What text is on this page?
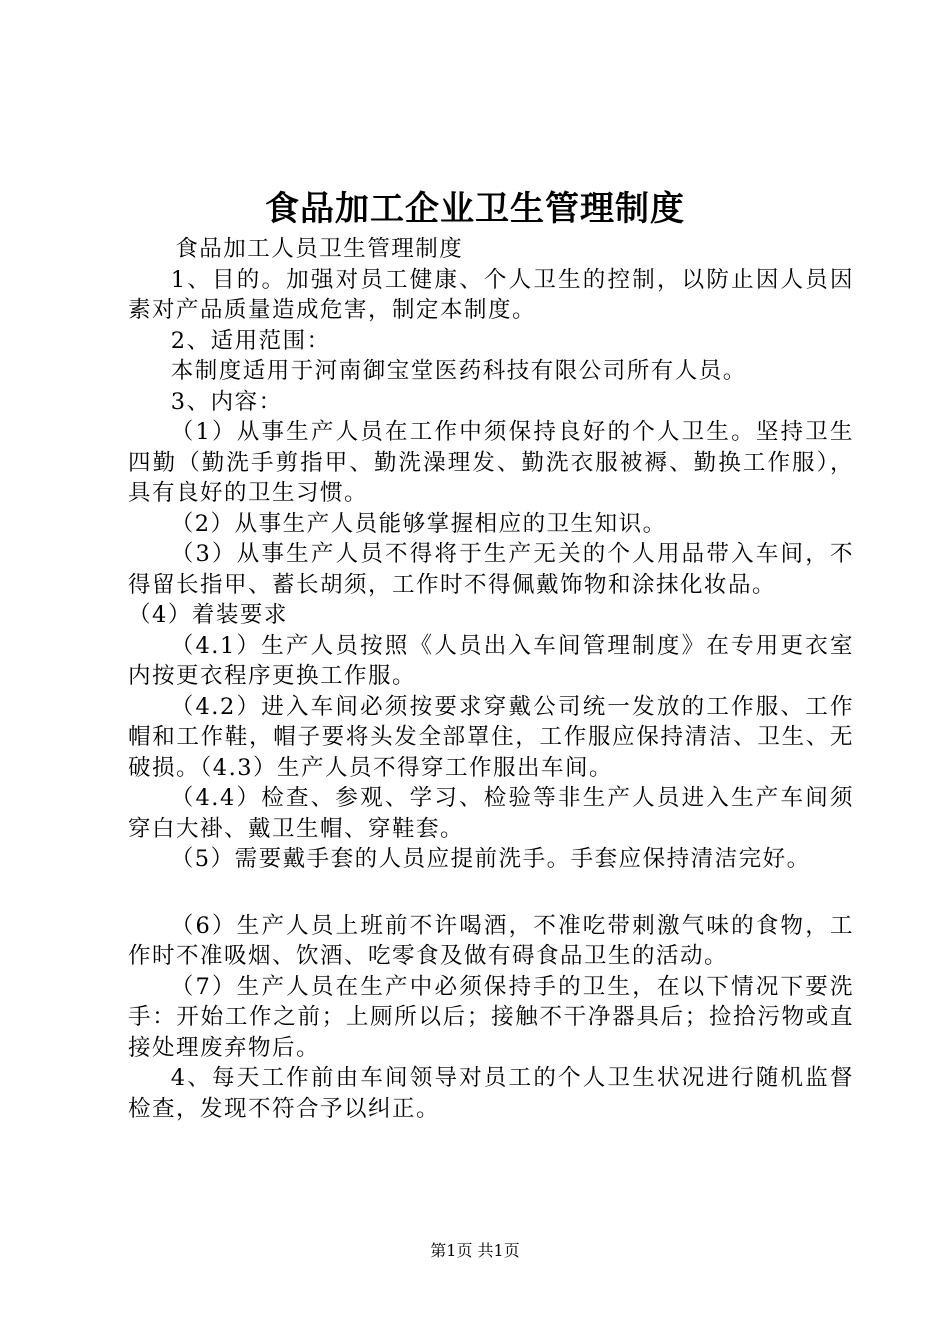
食品加工企业卫生管理制度

食品加工人员卫生管理制度

1、目的。加强对员工健康、个人卫生的控制，以防止因人员因素对产品质量造成危害，制定本制度。

2、适用范围：

本制度适用于河南御宝堂医药科技有限公司所有人员。

3、内容：

（1）从事生产人员在工作中须保持良好的个人卫生。坚持卫生四勤（勤洗手剪指甲、勤洗澡理发、勤洗衣服被褥、勤换工作服），具有良好的卫生习惯。

（2）从事生产人员能够掌握相应的卫生知识。

（3）从事生产人员不得将于生产无关的个人用品带入车间，不得留长指甲、蓄长胡须，工作时不得佩戴饰物和涂抹化妆品。

（4）着装要求

（4.1）生产人员按照《人员出入车间管理制度》在专用更衣室内按更衣程序更换工作服。

（4.2）进入车间必须按要求穿戴公司统一发放的工作服、工作帽和工作鞋，帽子要将头发全部罩住，工作服应保持清洁、卫生、无破损。（4.3）生产人员不得穿工作服出车间。

（4.4）检查、参观、学习、检验等非生产人员进入生产车间须穿白大褂、戴卫生帽、穿鞋套。

（5）需要戴手套的人员应提前洗手。手套应保持清洁完好。

（6）生产人员上班前不许喝酒，不准吃带刺激气味的食物，工作时不准吸烟、饮酒、吃零食及做有碍食品卫生的活动。

（7）生产人员在生产中必须保持手的卫生，在以下情况下要洗手：开始工作之前；上厕所以后；接触不干净器具后；捡拾污物或直接处理废弃物后。

4、每天工作前由车间领导对员工的个人卫生状况进行随机监督检查，发现不符合予以纠正。

第1页 共1页
